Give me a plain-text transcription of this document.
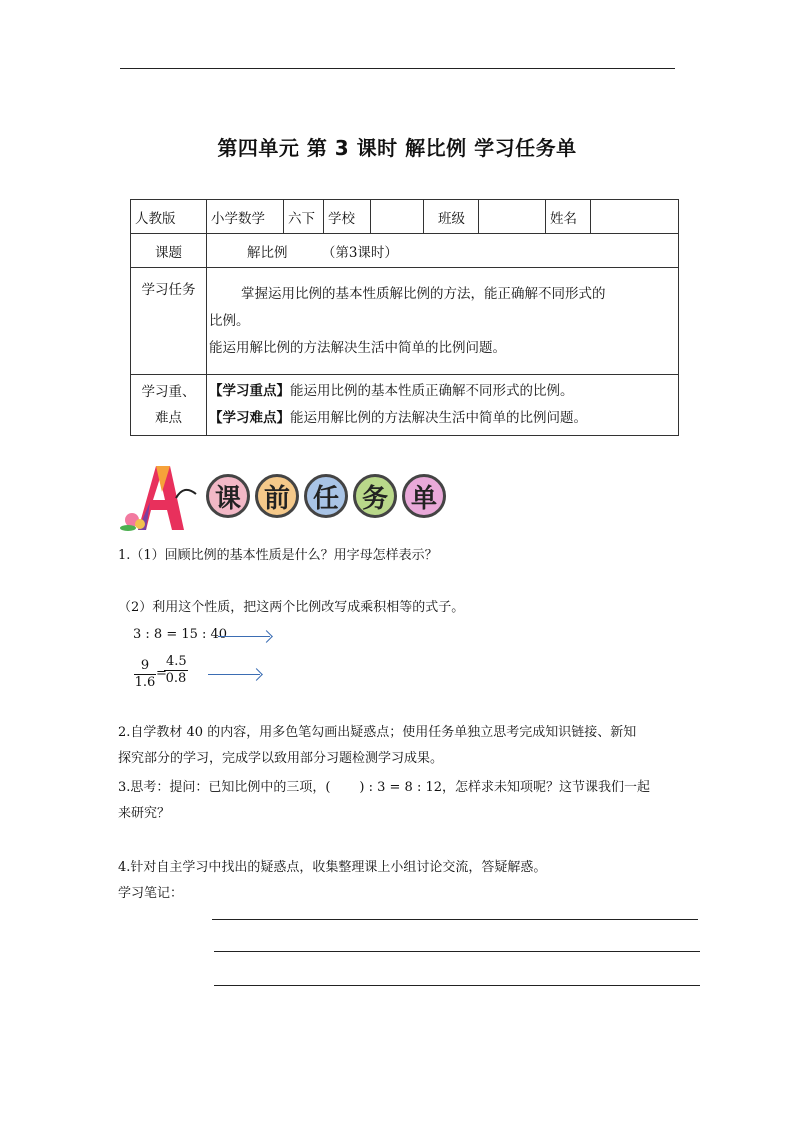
第四单元 第 3 课时 解比例 学习任务单
人教版	小学数学	六下	学校		班级		姓名	
课题	解比例        （第3课时）							
学习任务	掌握运用比例的基本性质解比例的方法，能正确解不同形式的
比例。
能运用解比例的方法解决生活中简单的比例问题。							

学习重、难点	【学习重点】能运用比例的基本性质正确解不同形式的比例。
【学习难点】能运用解比例的方法解决生活中简单的比例问题。							
课 前 任 务 单
1.（1）回顾比例的基本性质是什么？用字母怎样表示？
（2）利用这个性质，把这两个比例改写成乘积相等的式子。
3 : 8 = 15 : 40
$\frac{9}{1.6}$ =
$\frac{4.5}{0.8}$
2.自学教材 40 的内容，用多色笔勾画出疑惑点；使用任务单独立思考完成知识链接、新知
探究部分的学习，完成学以致用部分习题检测学习成果。
3.思考：提问：已知比例中的三项，(       ) : 3 = 8 : 12，怎样求未知项呢？这节课我们一起
来研究？
4.针对自主学习中找出的疑惑点，收集整理课上小组讨论交流，答疑解惑。
学习笔记：
